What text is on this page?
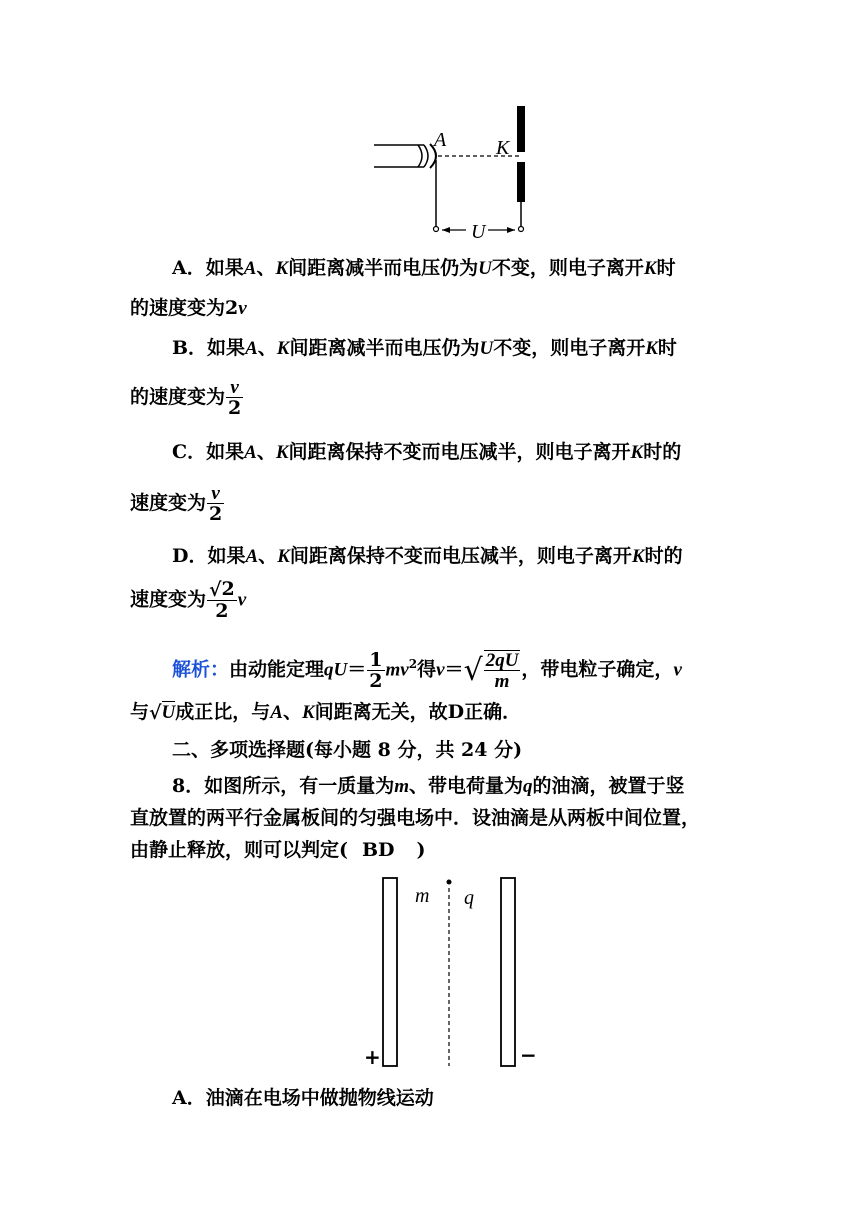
A K
U
A．如果A、K间距离减半而电压仍为U不变，则电子离开K时
的速度变为2v
B．如果A、K间距离减半而电压仍为U不变，则电子离开K时
的速度变为 $\frac{v}{2}$
C．如果A、K间距离保持不变而电压减半，则电子离开K时的
速度变为 $\frac{v}{2}$
D．如果A、K间距离保持不变而电压减半，则电子离开K时的
速度变为 $\frac{√2}{2}$ v
解析：由动能定理$qU= \frac{1}{2} mv^2$得$v=√ \frac{2qU}{m}$ ，带电粒子确定，v
与√U成正比，与A、K间距离无关，故D正确．
二、多项选择题(每小题 8 分，共 24 分)
8．如图所示，有一质量为m、带电荷量为q的油滴，被置于竖
直放置的两平行金属板间的匀强电场中．设油滴是从两板中间位置，
由静止释放，则可以判定( BD )
m q
+	−
A．油滴在电场中做抛物线运动
